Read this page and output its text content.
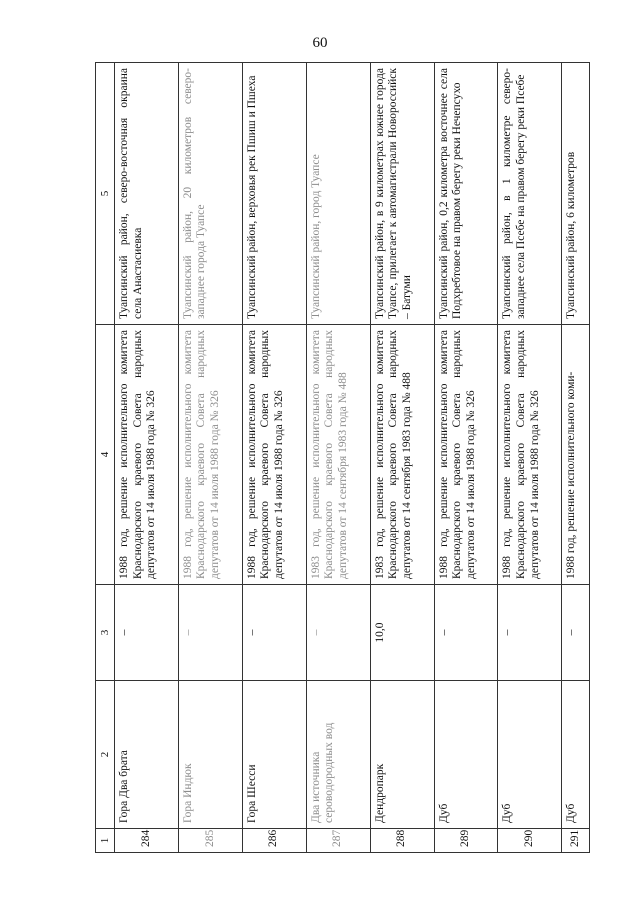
60
1	2	3	4	5
284	Гора Два брата	–	1988 год, решение исполнительного комитета Краснодарского краевого Совета народных депутатов от 14 июля 1988 года № 326	Туапсинский район, северо-восточная окраина села Анастасиевка
285	Гора Индюк	–	1988 год, решение исполнительного комитета Краснодарского краевого Совета народных депутатов от 14 июля 1988 года № 326	Туапсинский район, 20 километров северо-западнее города Туапсе
286	Гора Шесси	–	1988 год, решение исполнительного комитета Краснодарского краевого Совета народных депутатов от 14 июля 1988 года № 326	Туапсинский район, верховья рек Пшиш и Пшеха
287	Два источника сероводородных вод	–	1983 год, решение исполнительного комитета Краснодарского краевого Совета народных депутатов от 14 сентября 1983 года № 488	Туапсинский район, город Туапсе
288	Дендропарк	10,0	1983 год, решение исполнительного комитета Краснодарского краевого Совета народных депутатов от 14 сентября 1983 года № 488	Туапсинский район, в 9 километрах южнее города Туапсе, прилегает к автомагистрали Новороссийск – Батуми
289	Дуб	–	1988 год, решение исполнительного комитета Краснодарского краевого Совета народных депутатов от 14 июля 1988 года № 326	Туапсинский район, 0,2 километра восточнее села Подхребтовое на правом берегу реки Нечепсухо
290	Дуб	–	1988 год, решение исполнительного комитета Краснодарского краевого Совета народных депутатов от 14 июля 1988 года № 326	Туапсинский район, в 1 километре северо-западнее села Псебе на правом берегу реки Псебе
291	Дуб	–	1988 год, решение исполнительного коми-	Туапсинский район, 6 километров
